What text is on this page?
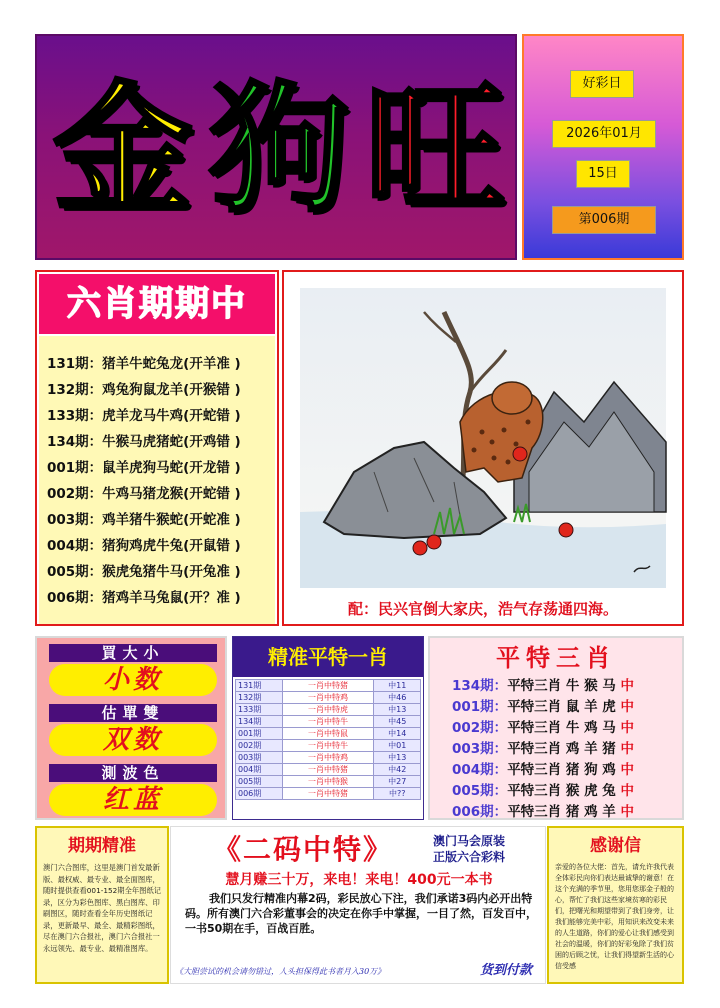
金 狗 旺	好彩日
2026年01月
15日
第006期
六肖期期中
131期：猪羊牛蛇兔龙(开羊准 )
132期：鸡兔狗鼠龙羊(开猴错 )
133期：虎羊龙马牛鸡(开蛇错 )
134期：牛猴马虎猪蛇(开鸡错 )
001期：鼠羊虎狗马蛇(开龙错 )
002期：牛鸡马猪龙猴(开蛇错 )
003期：鸡羊猪牛猴蛇(开蛇准 )
004期：猪狗鸡虎牛兔(开鼠错 )
005期：猴虎兔猪牛马(开兔准 )
006期：猪鸡羊马兔鼠(开？准 )
配：民兴官倒大家庆，浩气存荡通四海。
買大小
小数
估單雙
双数
測波色
红蓝
精准平特一肖
131期	一肖中特猪	中11
132期	一肖中特鸡	中46
133期	一肖中特虎	中13
134期	一肖中特牛	中45
001期	一肖中特鼠	中14
002期	一肖中特牛	中01
003期	一肖中特鸡	中13
004期	一肖中特猪	中42
005期	一肖中特猴	中27
006期	一肖中特猪	中??
平特三肖
134期：平特三肖 牛 猴 马 中
001期：平特三肖 鼠 羊 虎 中
002期：平特三肖 牛 鸡 马 中
003期：平特三肖 鸡 羊 猪 中
004期：平特三肖 猪 狗 鸡 中
005期：平特三肖 猴 虎 兔 中
006期：平特三肖 猪 鸡 羊 中
期期精准
澳门六合图库，这里是澳门首发最新版、最权威、最专业、最全面图库，随时提供查看001-152期全年图纸记录，区分为彩色图库、黑白图库、印刷图区，随时查看全年历史图纸记录，更新最早、最全、最精彩图纸，尽在澳门六合报社，澳门六合报社一永远领先、最专业、最精准图库。
《二码中特》	澳门马会原装
正版六合彩料
慧月赚三十万，来电！来电！400元一本书
我们只发行精准内幕2码，彩民放心下注，我们承诺3码内必开出特码。所有澳门六合彩董事会的决定在你手中掌握，一目了然，百发百中，一书50期在手，百战百胜。
《大胆尝试的机会请勿错过，人头担保得此书者月入30万》	货到付款
感谢信
亲爱的各位大佬：首先，请允许我代表全体彩民向你们表达最诚挚的谢意！在这个充满的季节里，您用您那金子般的心，帮忙了我们这些家境贫寒的彩民们，把曙光和期望带到了我们身旁，让我们能够完美中彩，用知识来改变未来的人生道路，你们的爱心让我们感受到社会的温暖，你们的好彩兔除了我们贫困的后顾之忧，让我们得望新生活的心信受感
